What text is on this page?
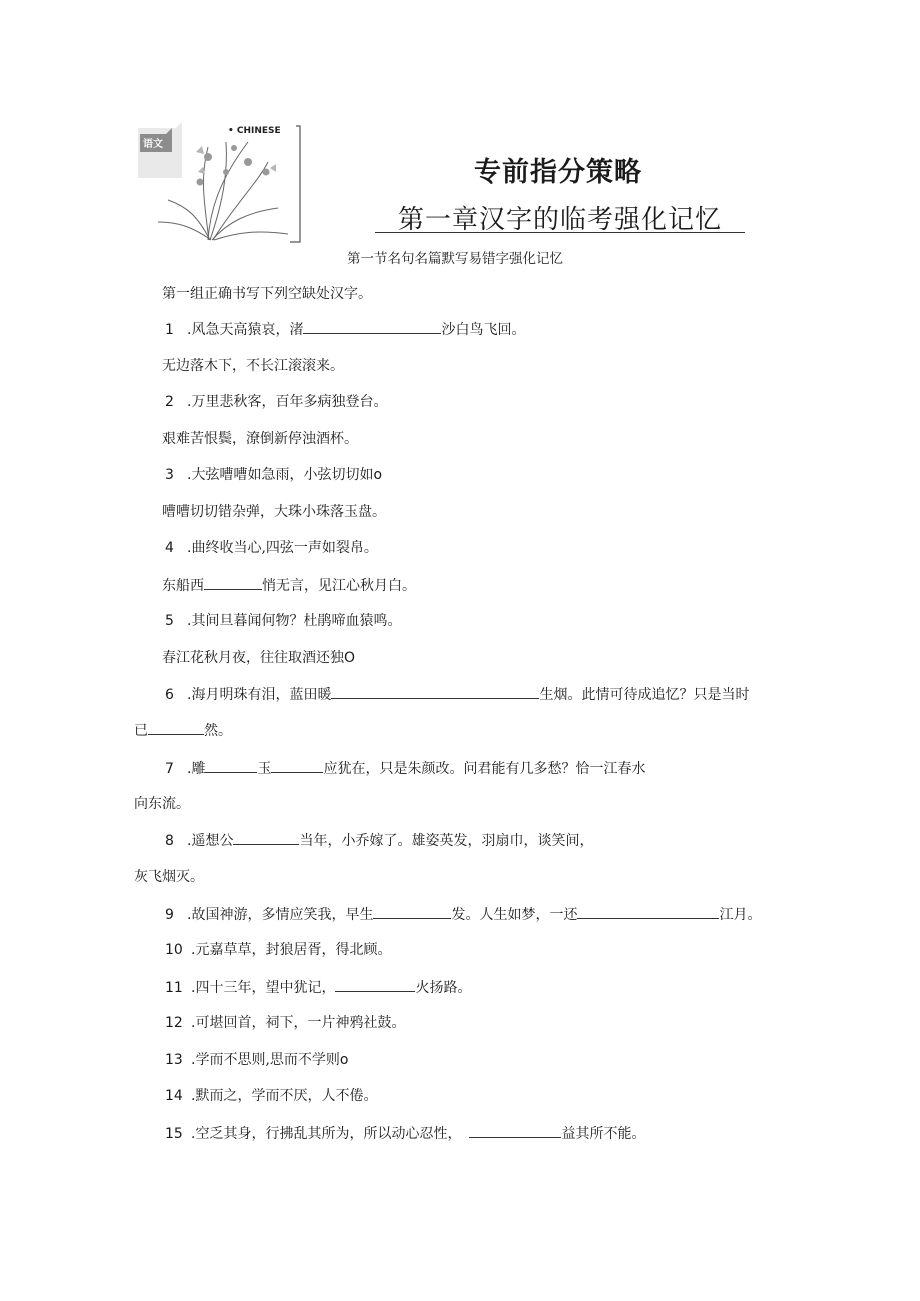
语文
• CHINESE
专前指分策略
第一章汉字的临考强化记忆

第一节名句名篇默写易错字强化记忆

第一组正确书写下列空缺处汉字。

1 .风急天高猿哀，渚	沙白鸟飞回。

无边落木下，不长江滚滚来。

2 .万里悲秋客，百年多病独登台。

艰难苦恨鬓，潦倒新停浊酒杯。

3 .大弦嘈嘈如急雨，小弦切切如o

嘈嘈切切错杂弹，大珠小珠落玉盘。

4 .曲终收当心,四弦一声如裂帛。

东船西	悄无言，见江心秋月白。

5 .其间旦暮闻何物？杜鹃啼血猿鸣。

春江花秋月夜，往往取酒还独O

6 .海月明珠有泪，蓝田暖	生烟。此情可待成追忆？只是当时

已	然。

7 .雕	玉	应犹在，只是朱颜改。问君能有几多愁？恰一江春水

向东流。

8 .遥想公	当年，小乔嫁了。雄姿英发，羽扇巾，谈笑间，

灰飞烟灭。

9 .故国神游，多情应笑我，早生	发。人生如梦，一还	江月。

10 .元嘉草草，封狼居胥，得北顾。

11 .四十三年，望中犹记，	火扬路。

12 .可堪回首，祠下，一片神鸦社鼓。

13 .学而不思则,思而不学则o

14 .默而之，学而不厌，人不倦。

15 .空乏其身，行拂乱其所为，所以动心忍性，	益其所不能。
